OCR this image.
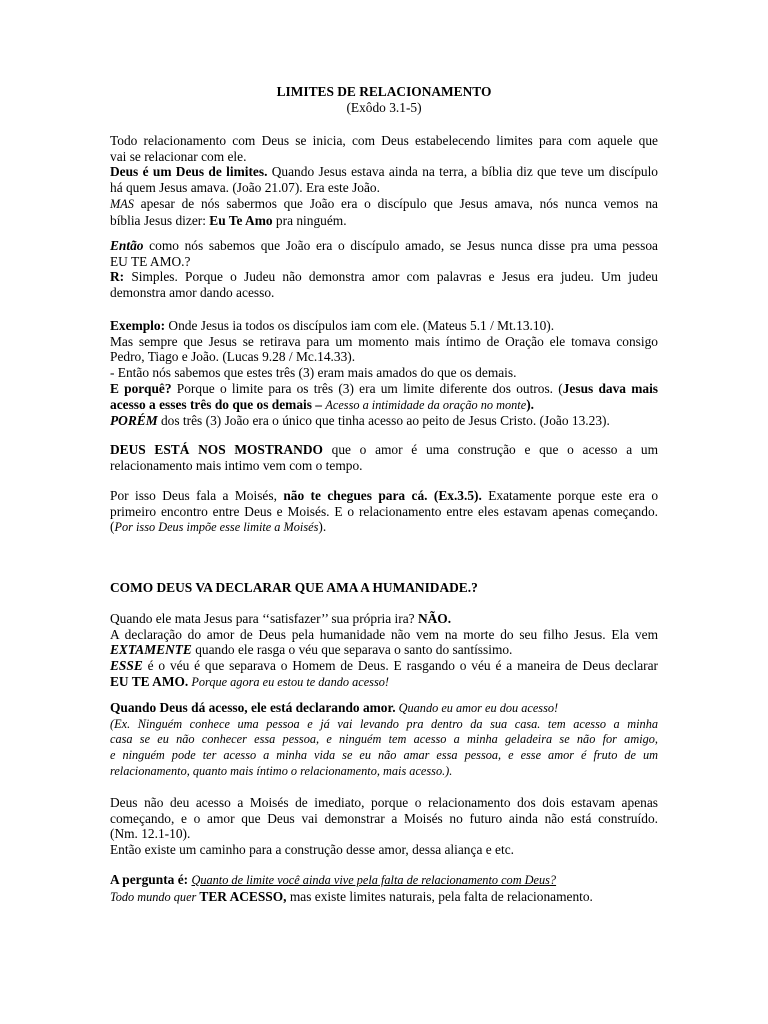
LIMITES DE RELACIONAMENTO
(Exôdo 3.1-5)
Todo relacionamento com Deus se inicia, com Deus estabelecendo limites para com aquele que
vai se relacionar com ele.
Deus é um Deus de limites. Quando Jesus estava ainda na terra, a bíblia diz que teve um discípulo
há quem Jesus amava. (João 21.07). Era este João.
MAS apesar de nós sabermos que João era o discípulo que Jesus amava, nós nunca vemos na
bíblia Jesus dizer: Eu Te Amo pra ninguém.
Então como nós sabemos que João era o discípulo amado, se Jesus nunca disse pra uma pessoa
EU TE AMO.?
R: Simples. Porque o Judeu não demonstra amor com palavras e Jesus era judeu. Um judeu
demonstra amor dando acesso.
Exemplo: Onde Jesus ia todos os discípulos iam com ele. (Mateus 5.1 / Mt.13.10).
Mas sempre que Jesus se retirava para um momento mais íntimo de Oração ele tomava consigo
Pedro, Tiago e João. (Lucas 9.28 / Mc.14.33).
- Então nós sabemos que estes três (3) eram mais amados do que os demais.
E porquê? Porque o limite para os três (3) era um limite diferente dos outros. (Jesus dava mais
acesso a esses três do que os demais – Acesso a intimidade da oração no monte).
PORÉM dos três (3) João era o único que tinha acesso ao peito de Jesus Cristo. (João 13.23).
DEUS ESTÁ NOS MOSTRANDO que o amor é uma construção e que o acesso a um
relacionamento mais intimo vem com o tempo.
Por isso Deus fala a Moisés, não te chegues para cá. (Ex.3.5). Exatamente porque este era o
primeiro encontro entre Deus e Moisés. E o relacionamento entre eles estavam apenas começando.
(Por isso Deus impõe esse limite a Moisés).
COMO DEUS VA DECLARAR QUE AMA A HUMANIDADE.?
Quando ele mata Jesus para ‘‘satisfazer’’ sua própria ira? NÃO.
A declaração do amor de Deus pela humanidade não vem na morte do seu filho Jesus. Ela vem
EXTAMENTE quando ele rasga o véu que separava o santo do santíssimo.
ESSE é o véu é que separava o Homem de Deus. E rasgando o véu é a maneira de Deus declarar
EU TE AMO. Porque agora eu estou te dando acesso!
Quando Deus dá acesso, ele está declarando amor. Quando eu amor eu dou acesso!
(Ex. Ninguém conhece uma pessoa e já vai levando pra dentro da sua casa. tem acesso a minha
casa se eu não conhecer essa pessoa, e ninguém tem acesso a minha geladeira se não for amigo,
e ninguém pode ter acesso a minha vida se eu não amar essa pessoa, e esse amor é fruto de um
relacionamento, quanto mais íntimo o relacionamento, mais acesso.).
Deus não deu acesso a Moisés de imediato, porque o relacionamento dos dois estavam apenas
começando, e o amor que Deus vai demonstrar a Moisés no futuro ainda não está construído.
(Nm. 12.1-10).
Então existe um caminho para a construção desse amor, dessa aliança e etc.
A pergunta é: Quanto de limite você ainda vive pela falta de relacionamento com Deus?
Todo mundo quer TER ACESSO, mas existe limites naturais, pela falta de relacionamento.
